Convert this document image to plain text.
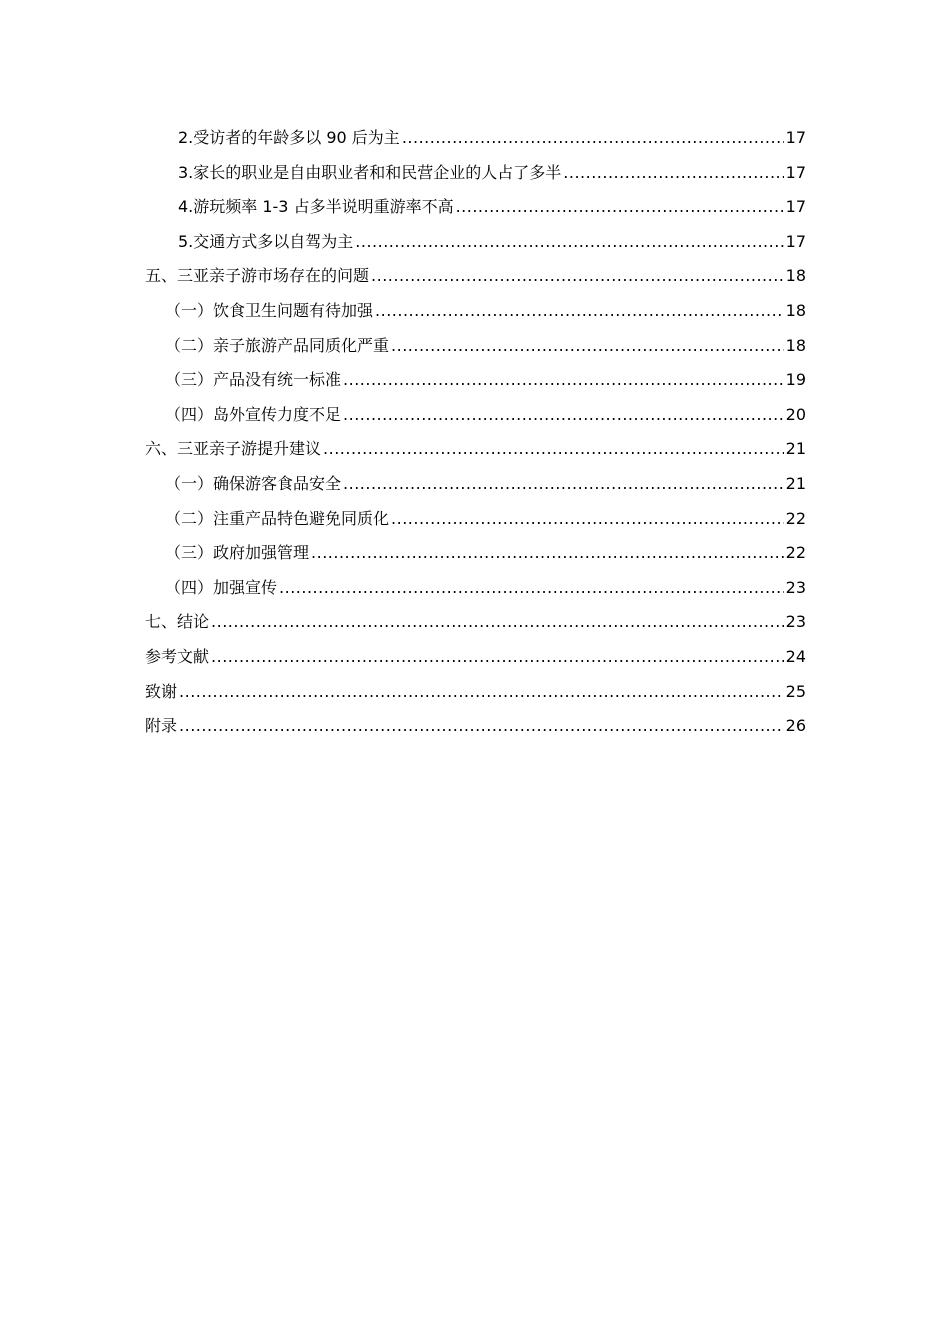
2.受访者的年龄多以 90 后为主 .....	17
3.家长的职业是自由职业者和和民营企业的人占了多半 .....	17
4.游玩频率 1-3 占多半说明重游率不高 .....	17
5.交通方式多以自驾为主 .....	17
五、三亚亲子游市场存在的问题 .....	18
（一）饮食卫生问题有待加强 .....	18
（二）亲子旅游产品同质化严重 .....	18
（三）产品没有统一标准 .....	19
（四）岛外宣传力度不足 .....	20
六、三亚亲子游提升建议 .....	21
（一）确保游客食品安全 .....	21
（二）注重产品特色避免同质化 .....	22
（三）政府加强管理 .....	22
（四）加强宣传 .....	23
七、结论 .....	23
参考文献 .....	24
致谢 .....	25
附录 .....	26
